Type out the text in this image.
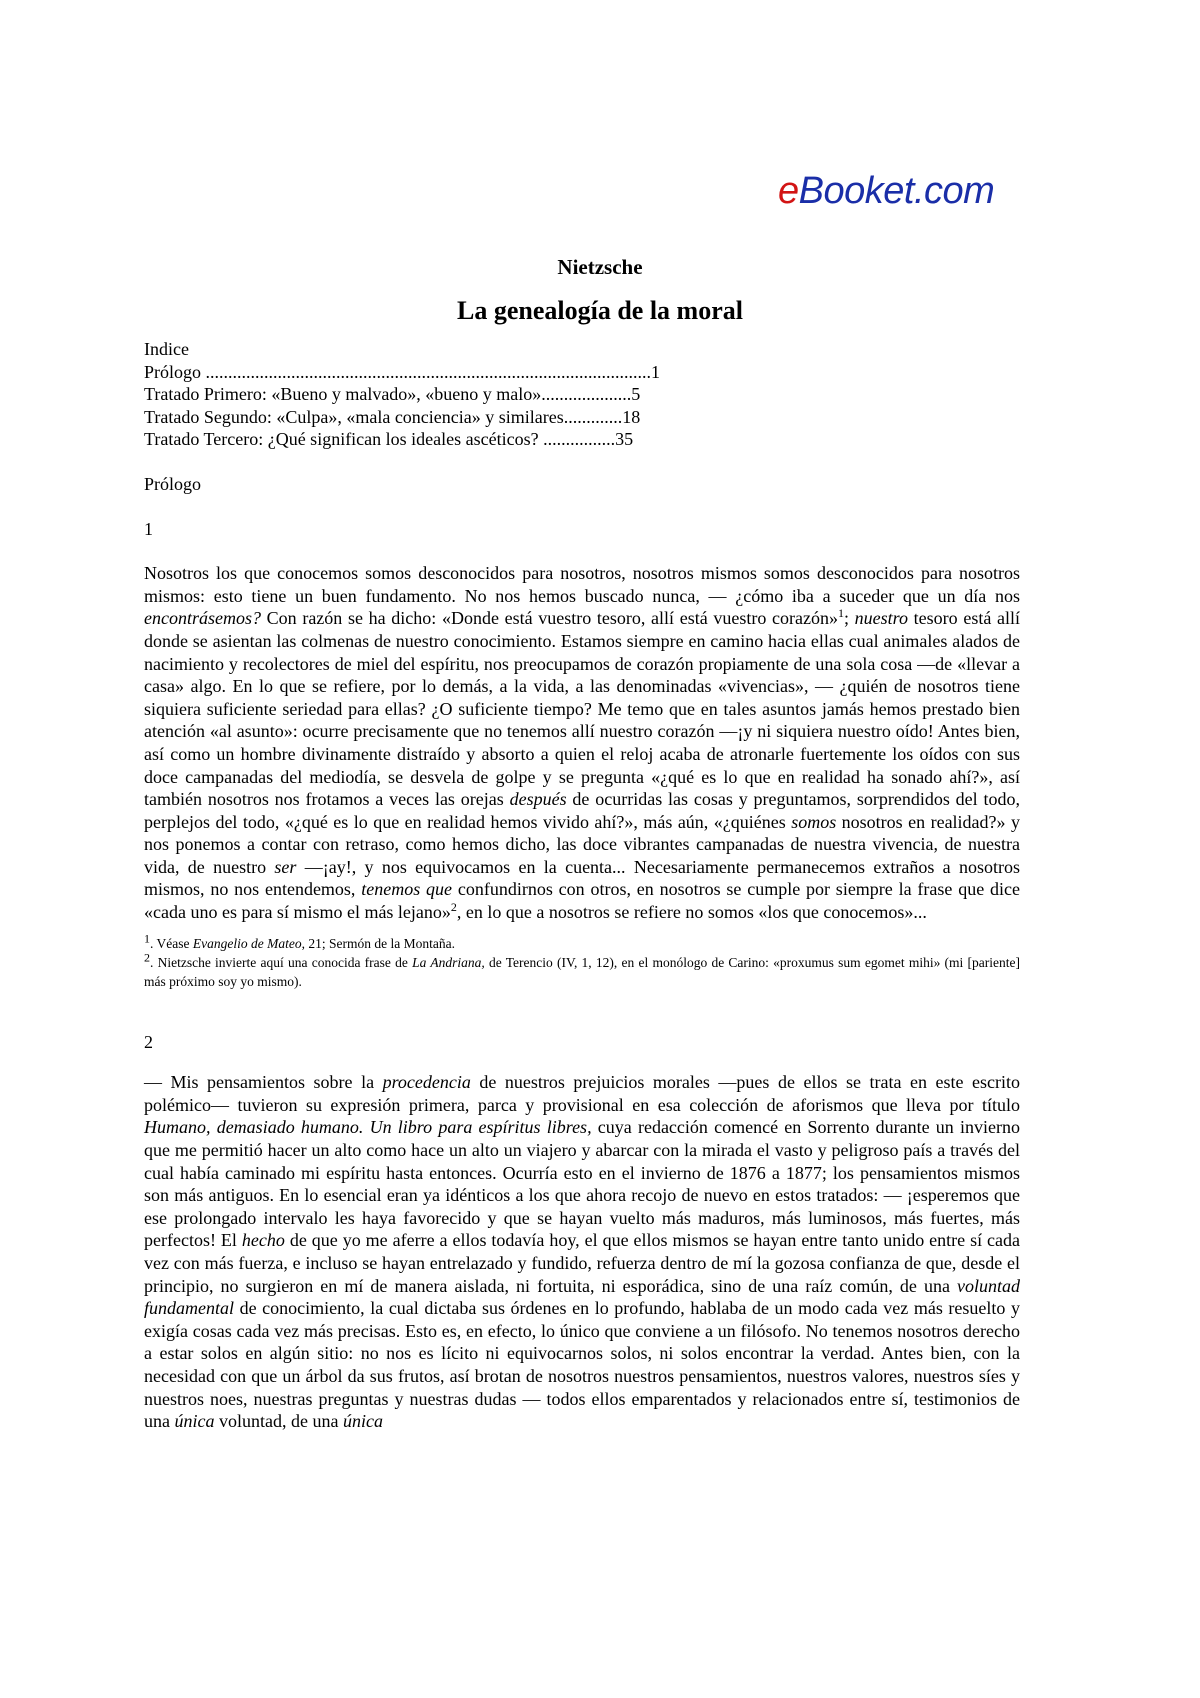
eBooket.com
Nietzsche
La genealogía de la moral
Indice
Prólogo ...................................................................................................1
Tratado Primero: «Bueno y malvado», «bueno y malo»....................5
Tratado Segundo: «Culpa», «mala conciencia» y similares.............18
Tratado Tercero: ¿Qué significan los ideales ascéticos? ................35
Prólogo
1

Nosotros los que conocemos somos desconocidos para nosotros, nosotros mismos somos desconocidos para nosotros mismos: esto tiene un buen fundamento. No nos hemos buscado nunca, — ¿cómo iba a suceder que un día nos encontrásemos? Con razón se ha dicho: «Donde está vuestro tesoro, allí está vuestro corazón»$^1$; nuestro tesoro está allí donde se asientan las colmenas de nuestro conocimiento. Estamos siempre en camino hacia ellas cual animales alados de nacimiento y recolectores de miel del espíritu, nos preocupamos de corazón propiamente de una sola cosa —de «llevar a casa» algo. En lo que se refiere, por lo demás, a la vida, a las denominadas «vivencias», — ¿quién de nosotros tiene siquiera suficiente seriedad para ellas? ¿O suficiente tiempo? Me temo que en tales asuntos jamás hemos prestado bien atención «al asunto»: ocurre precisamente que no tenemos allí nuestro corazón —¡y ni siquiera nuestro oído! Antes bien, así como un hombre divinamente distraído y absorto a quien el reloj acaba de atronarle fuertemente los oídos con sus doce campanadas del mediodía, se desvela de golpe y se pregunta «¿qué es lo que en realidad ha sonado ahí?», así también nosotros nos frotamos a veces las orejas después de ocurridas las cosas y preguntamos, sorprendidos del todo, perplejos del todo, «¿qué es lo que en realidad hemos vivido ahí?», más aún, «¿quiénes somos nosotros en realidad?» y nos ponemos a contar con retraso, como hemos dicho, las doce vibrantes campanadas de nuestra vivencia, de nuestra vida, de nuestro ser —¡ay!, y nos equivocamos en la cuenta... Necesariamente permanecemos extraños a nosotros mismos, no nos entendemos, tenemos que confundirnos con otros, en nosotros se cumple por siempre la frase que dice «cada uno es para sí mismo el más lejano»$^2$, en lo que a nosotros se refiere no somos «los que conocemos»...

$^1$. Véase Evangelio de Mateo, 21; Sermón de la Montaña.
$^2$. Nietzsche invierte aquí una conocida frase de La Andriana, de Terencio (IV, 1, 12), en el monólogo de Carino: «proxumus sum egomet mihi» (mi [pariente] más próximo soy yo mismo).
2

— Mis pensamientos sobre la procedencia de nuestros prejuicios morales —pues de ellos se trata en este escrito polémico— tuvieron su expresión primera, parca y provisional en esa colección de aforismos que lleva por título Humano, demasiado humano. Un libro para espíritus libres, cuya redacción comencé en Sorrento durante un invierno que me permitió hacer un alto como hace un alto un viajero y abarcar con la mirada el vasto y peligroso país a través del cual había caminado mi espíritu hasta entonces. Ocurría esto en el invierno de 1876 a 1877; los pensamientos mismos son más antiguos. En lo esencial eran ya idénticos a los que ahora recojo de nuevo en estos tratados: — ¡esperemos que ese prolongado intervalo les haya favorecido y que se hayan vuelto más maduros, más luminosos, más fuertes, más perfectos! El hecho de que yo me aferre a ellos todavía hoy, el que ellos mismos se hayan entre tanto unido entre sí cada vez con más fuerza, e incluso se hayan entrelazado y fundido, refuerza dentro de mí la gozosa confianza de que, desde el principio, no surgieron en mí de manera aislada, ni fortuita, ni esporádica, sino de una raíz común, de una voluntad fundamental de conocimiento, la cual dictaba sus órdenes en lo profundo, hablaba de un modo cada vez más resuelto y exigía cosas cada vez más precisas. Esto es, en efecto, lo único que conviene a un filósofo. No tenemos nosotros derecho a estar solos en algún sitio: no nos es lícito ni equivocarnos solos, ni solos encontrar la verdad. Antes bien, con la necesidad con que un árbol da sus frutos, así brotan de nosotros nuestros pensamientos, nuestros valores, nuestros síes y nuestros noes, nuestras preguntas y nuestras dudas — todos ellos emparentados y relacionados entre sí, testimonios de una única voluntad, de una única
